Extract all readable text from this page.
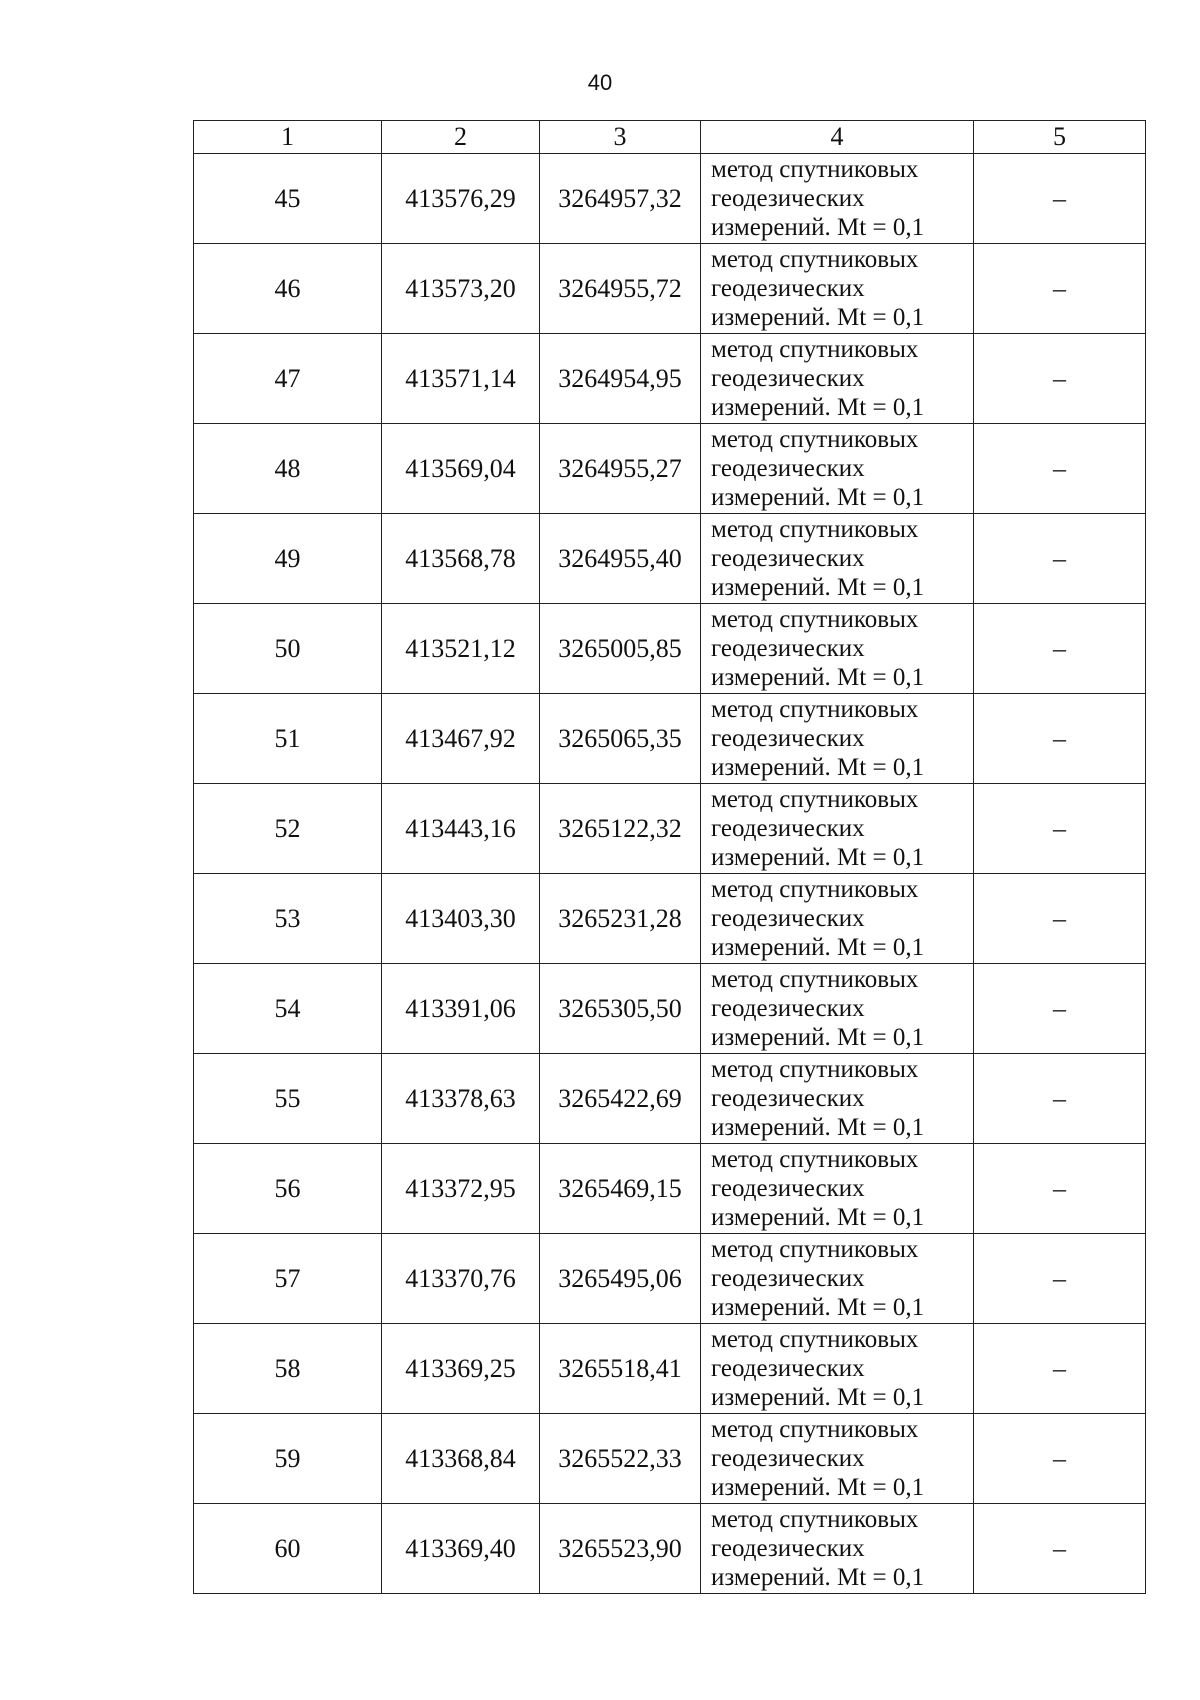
40
1	2	3	4	5
45	413576,29	3264957,32	метод спутниковых
геодезических
измерений. Mt = 0,1	–
46	413573,20	3264955,72	метод спутниковых
геодезических
измерений. Mt = 0,1	–
47	413571,14	3264954,95	метод спутниковых
геодезических
измерений. Mt = 0,1	–
48	413569,04	3264955,27	метод спутниковых
геодезических
измерений. Mt = 0,1	–
49	413568,78	3264955,40	метод спутниковых
геодезических
измерений. Mt = 0,1	–
50	413521,12	3265005,85	метод спутниковых
геодезических
измерений. Mt = 0,1	–
51	413467,92	3265065,35	метод спутниковых
геодезических
измерений. Mt = 0,1	–
52	413443,16	3265122,32	метод спутниковых
геодезических
измерений. Mt = 0,1	–
53	413403,30	3265231,28	метод спутниковых
геодезических
измерений. Mt = 0,1	–
54	413391,06	3265305,50	метод спутниковых
геодезических
измерений. Mt = 0,1	–
55	413378,63	3265422,69	метод спутниковых
геодезических
измерений. Mt = 0,1	–
56	413372,95	3265469,15	метод спутниковых
геодезических
измерений. Mt = 0,1	–
57	413370,76	3265495,06	метод спутниковых
геодезических
измерений. Mt = 0,1	–
58	413369,25	3265518,41	метод спутниковых
геодезических
измерений. Mt = 0,1	–
59	413368,84	3265522,33	метод спутниковых
геодезических
измерений. Mt = 0,1	–
60	413369,40	3265523,90	метод спутниковых
геодезических
измерений. Mt = 0,1	–
